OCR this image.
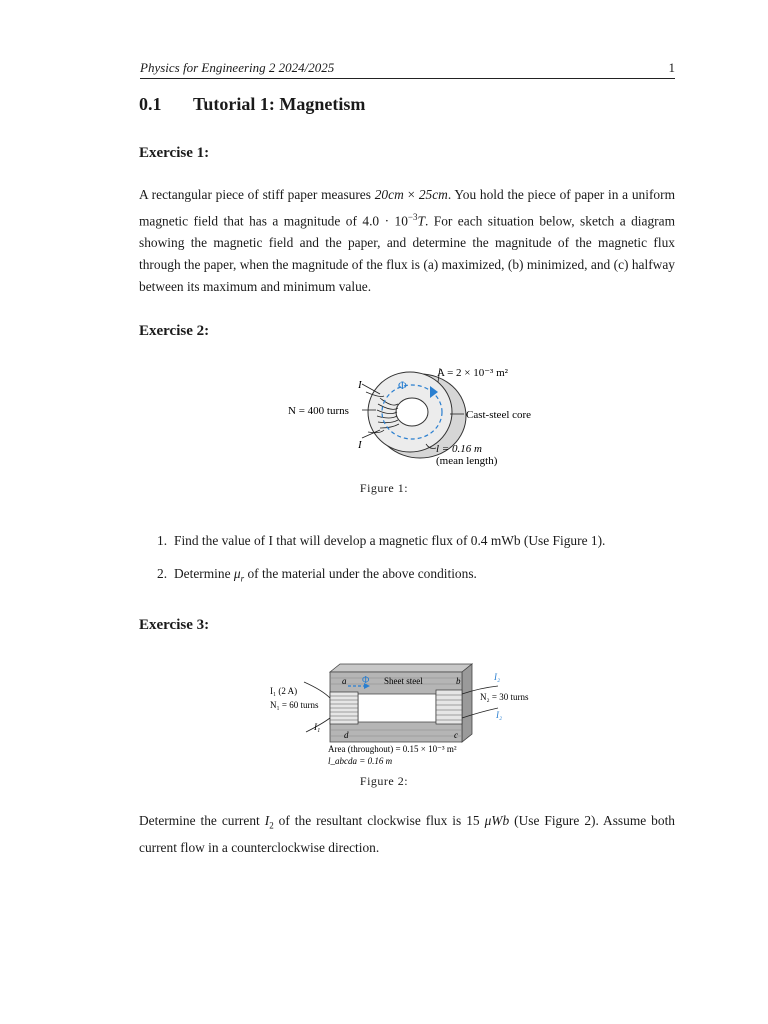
Physics for Engineering 2 2024/2025	1
0.1 Tutorial 1: Magnetism
Exercise 1:
A rectangular piece of stiff paper measures 20cm × 25cm. You hold the piece of paper in a uniform magnetic field that has a magnitude of $4.0 \cdot 10^{-3}T$. For each situation below, sketch a diagram showing the magnetic field and the paper, and determine the magnitude of the magnetic flux through the paper, when the magnitude of the flux is (a) maximized, (b) minimized, and (c) halfway between its maximum and minimum value.
Exercise 2:
Φ
I
I
N = 400 turns
A = 2 × 10⁻³ m²
Cast-steel core
l = 0.16 m
(mean length)
Figure 1:
1. Find the value of I that will develop a magnetic flux of 0.4 mWb (Use Figure 1).
2. Determine $\mu_r$ of the material under the above conditions.
Exercise 3:
Φ
a	b
c
d
Sheet steel
I₁ (2 A)
N₁ = 60 turns
I₁
I₂
I₂
N₂ = 30 turns
Area (throughout) = 0.15 × 10⁻³ m²
l_abcda = 0.16 m
Figure 2:
Determine the current $I_2$ of the resultant clockwise flux is 15 μWb (Use Figure 2). Assume both current flow in a counterclockwise direction.
